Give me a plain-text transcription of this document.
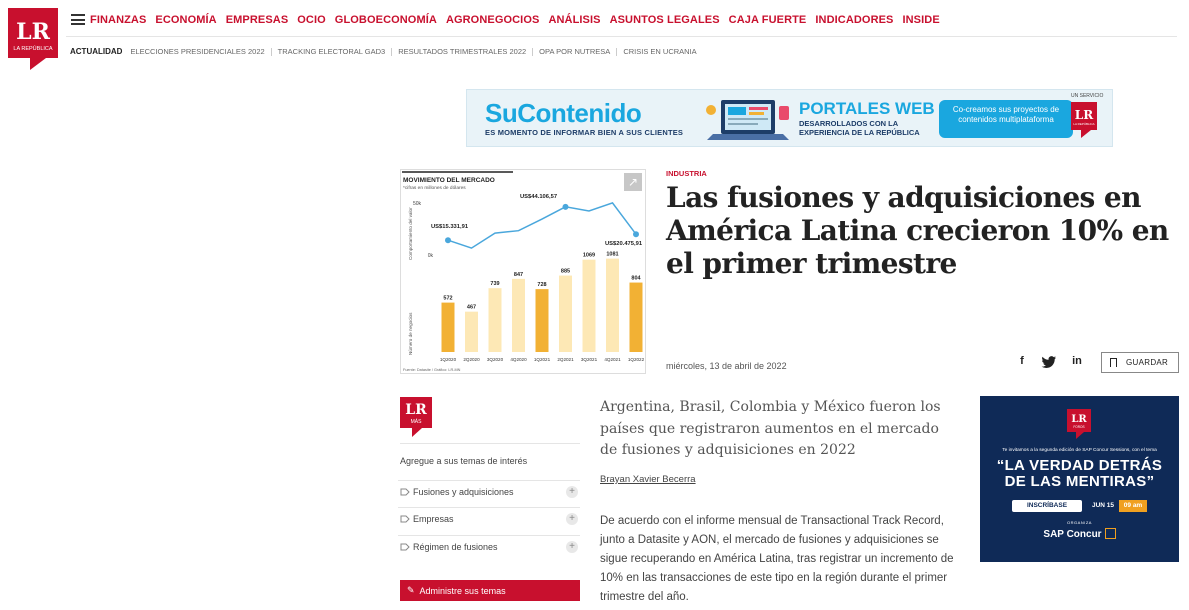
LR
LA REPÚBLICA
FINANZAS ECONOMÍA EMPRESAS OCIO GLOBOECONOMÍA AGRONEGOCIOS ANÁLISIS ASUNTOS LEGALES CAJA FUERTE INDICADORES INSIDE
ACTUALIDAD ELECCIONES PRESIDENCIALES 2022 TRACKING ELECTORAL GAD3 RESULTADOS TRIMESTRALES 2022 OPA POR NUTRESA CRISIS EN UCRANIA
SuContenido
ES MOMENTO DE INFORMAR BIEN A SUS CLIENTES
PORTALES WEB
DESARROLLADOS CON LA
EXPERIENCIA DE LA REPÚBLICA
Co-creamos sus proyectos de contenidos multiplataforma
UN SERVICIO
LR
LA REPÚBLICA
MOVIMIENTO DEL MERCADO
*cifras en millones de dólares
50k
0k
Comportamiento del valor
Número de negocios
572
1Q2020
467
2Q2020
739
3Q2020
847
4Q2020
728
1Q2021
885
2Q2021
1069
3Q2021
1081
4Q2021
804
1Q2022
US$15.331,91
US$44.106,57
US$20.475,91
Fuente: Datasite / Gráfico: LR-MN
↗
INDUSTRIA
Las fusiones y adquisiciones en América Latina crecieron 10% en el primer trimestre
miércoles, 13 de abril de 2022	f	in	GUARDAR
LR
MÁS
Agregue a sus temas de interés
Fusiones y adquisiciones	+
Empresas	+
Régimen de fusiones	+
✎ Administre sus temas

Argentina, Brasil, Colombia y México fueron los países que registraron aumentos en el mercado de fusiones y adquisiciones en 2022

Brayan Xavier Becerra

De acuerdo con el informe mensual de Transactional Track Record, junto a Datasite y AON, el mercado de fusiones y adquisiciones se sigue recuperando en América Latina, tras registrar un incremento de 10% en las transacciones de este tipo en la región durante el primer trimestre del año.

LR
FOROS
Te invitamos a la segunda edición de SAP Concur Sessions, con el tema
“LA VERDAD DETRÁS DE LAS MENTIRAS”
INSCRÍBASE	JUN 15	09 am
ORGANIZA
SAP Concur
